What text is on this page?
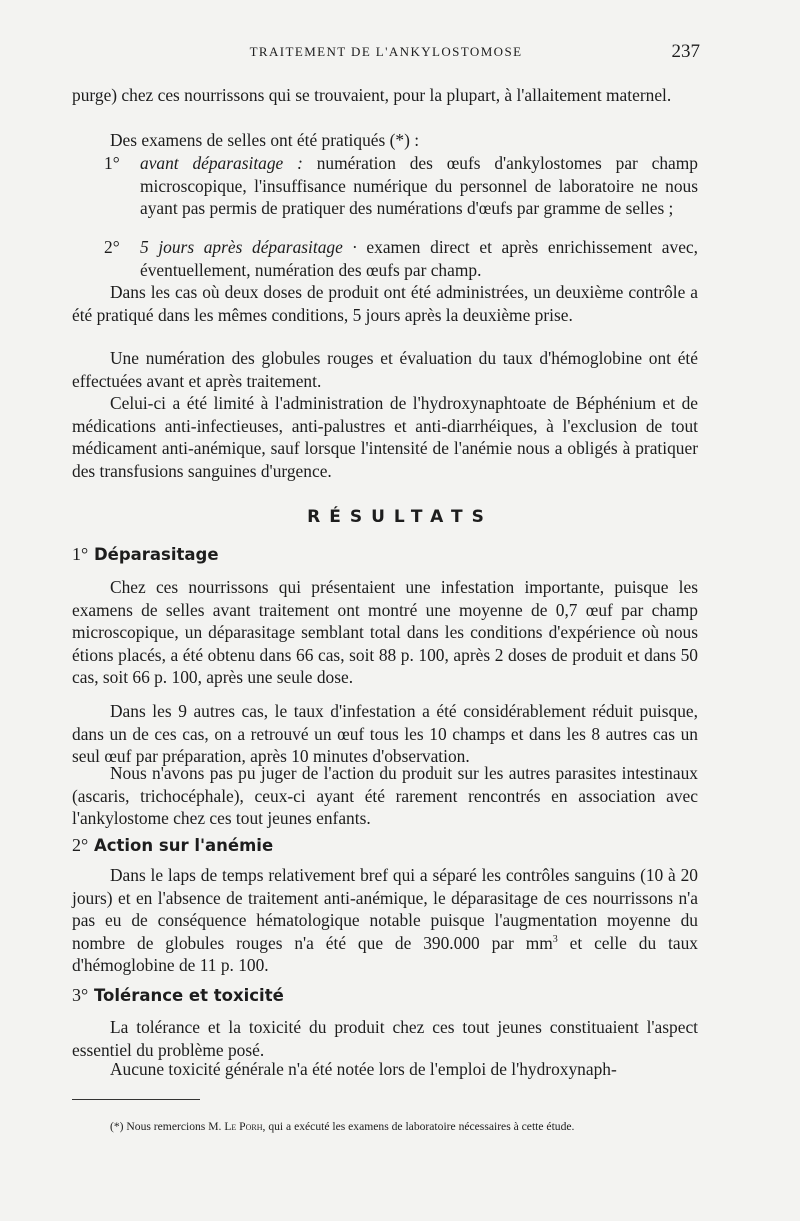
TRAITEMENT DE L'ANKYLOSTOMOSE	237

purge) chez ces nourrissons qui se trouvaient, pour la plupart, à l'allaitement maternel.

Des examens de selles ont été pratiqués (*) :

1°	avant déparasitage : numération des œufs d'ankylostomes par champ microscopique, l'insuffisance numérique du personnel de laboratoire ne nous ayant pas permis de pratiquer des numérations d'œufs par gramme de selles ;

2°	5 jours après déparasitage · examen direct et après enrichissement avec, éventuellement, numération des œufs par champ.

Dans les cas où deux doses de produit ont été administrées, un deuxième contrôle a été pratiqué dans les mêmes conditions, 5 jours après la deuxième prise.

Une numération des globules rouges et évaluation du taux d'hémoglobine ont été effectuées avant et après traitement.

Celui-ci a été limité à l'administration de l'hydroxynaphtoate de Béphénium et de médications anti-infectieuses, anti-palustres et anti-diarrhéiques, à l'exclusion de tout médicament anti-anémique, sauf lorsque l'intensité de l'anémie nous a obligés à pratiquer des transfusions sanguines d'urgence.

RÉSULTATS
1° Déparasitage

Chez ces nourrissons qui présentaient une infestation importante, puisque les examens de selles avant traitement ont montré une moyenne de 0,7 œuf par champ microscopique, un déparasitage semblant total dans les conditions d'expérience où nous étions placés, a été obtenu dans 66 cas, soit 88 p. 100, après 2 doses de produit et dans 50 cas, soit 66 p. 100, après une seule dose.

Dans les 9 autres cas, le taux d'infestation a été considérablement réduit puisque, dans un de ces cas, on a retrouvé un œuf tous les 10 champs et dans les 8 autres cas un seul œuf par préparation, après 10 minutes d'observation.

Nous n'avons pas pu juger de l'action du produit sur les autres parasites intestinaux (ascaris, trichocéphale), ceux-ci ayant été rarement rencontrés en association avec l'ankylostome chez ces tout jeunes enfants.

2° Action sur l'anémie

Dans le laps de temps relativement bref qui a séparé les contrôles sanguins (10 à 20 jours) et en l'absence de traitement anti-anémique, le déparasitage de ces nourrissons n'a pas eu de conséquence hématologique notable puisque l'augmentation moyenne du nombre de globules rouges n'a été que de 390.000 par $mm^3$ et celle du taux d'hémoglobine de 11 p. 100.

3° Tolérance et toxicité

La tolérance et la toxicité du produit chez ces tout jeunes constituaient l'aspect essentiel du problème posé.

Aucune toxicité générale n'a été notée lors de l'emploi de l'hydroxynaph-

(*) Nous remercions M. Le Porh, qui a exécuté les examens de laboratoire nécessaires à cette étude.
